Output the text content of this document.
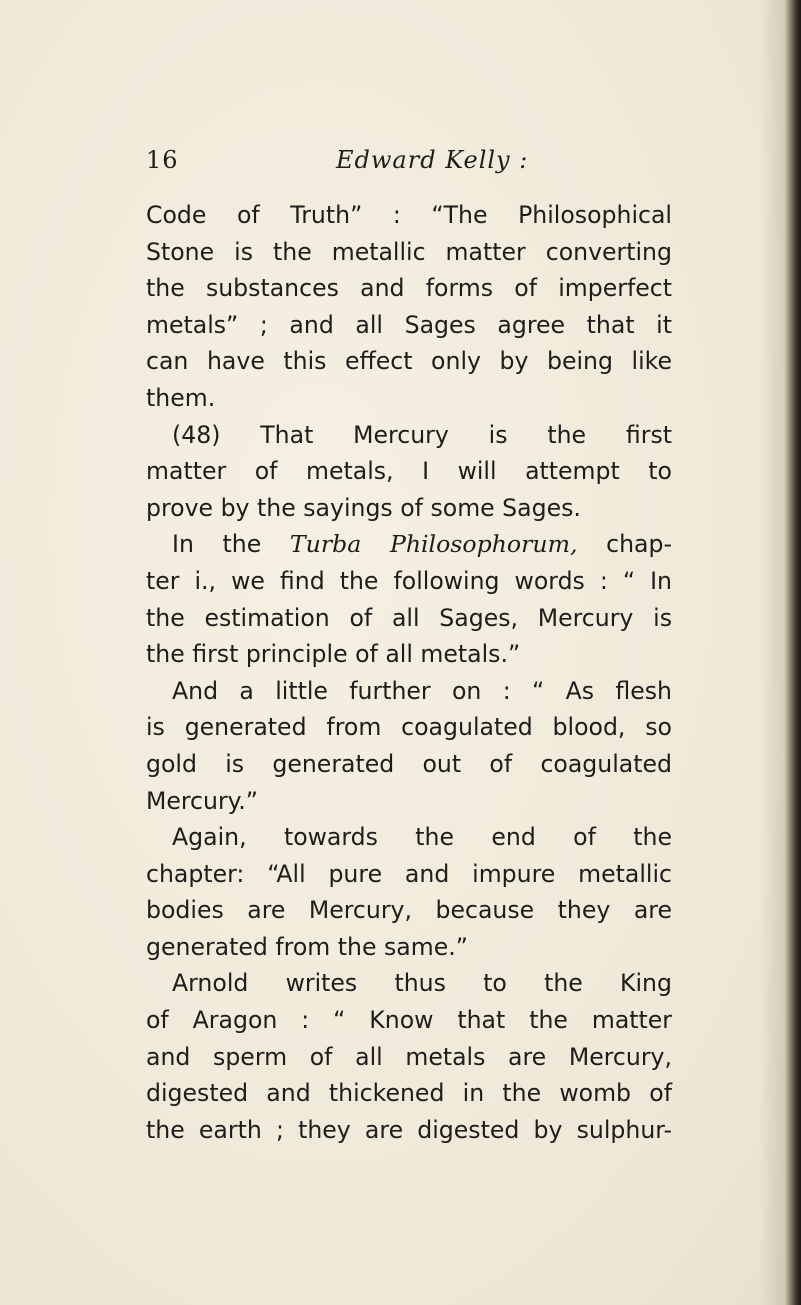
16	Edward Kelly :
Code of Truth” : “The Philosophical
Stone is the metallic matter converting
the substances and forms of imperfect
metals” ; and all Sages agree that it
can have this effect only by being like
them.
(48) That Mercury is the first
matter of metals, I will attempt to
prove by the sayings of some Sages.
In the Turba Philosophorum, chap-
ter i., we find the following words : “ In
the estimation of all Sages, Mercury is
the first principle of all metals.”
And a little further on : “ As flesh
is generated from coagulated blood, so
gold is generated out of coagulated
Mercury.”
Again, towards the end of the
chapter: “All pure and impure metallic
bodies are Mercury, because they are
generated from the same.”
Arnold writes thus to the King
of Aragon : “ Know that the matter
and sperm of all metals are Mercury,
digested and thickened in the womb of
the earth ; they are digested by sulphur-
